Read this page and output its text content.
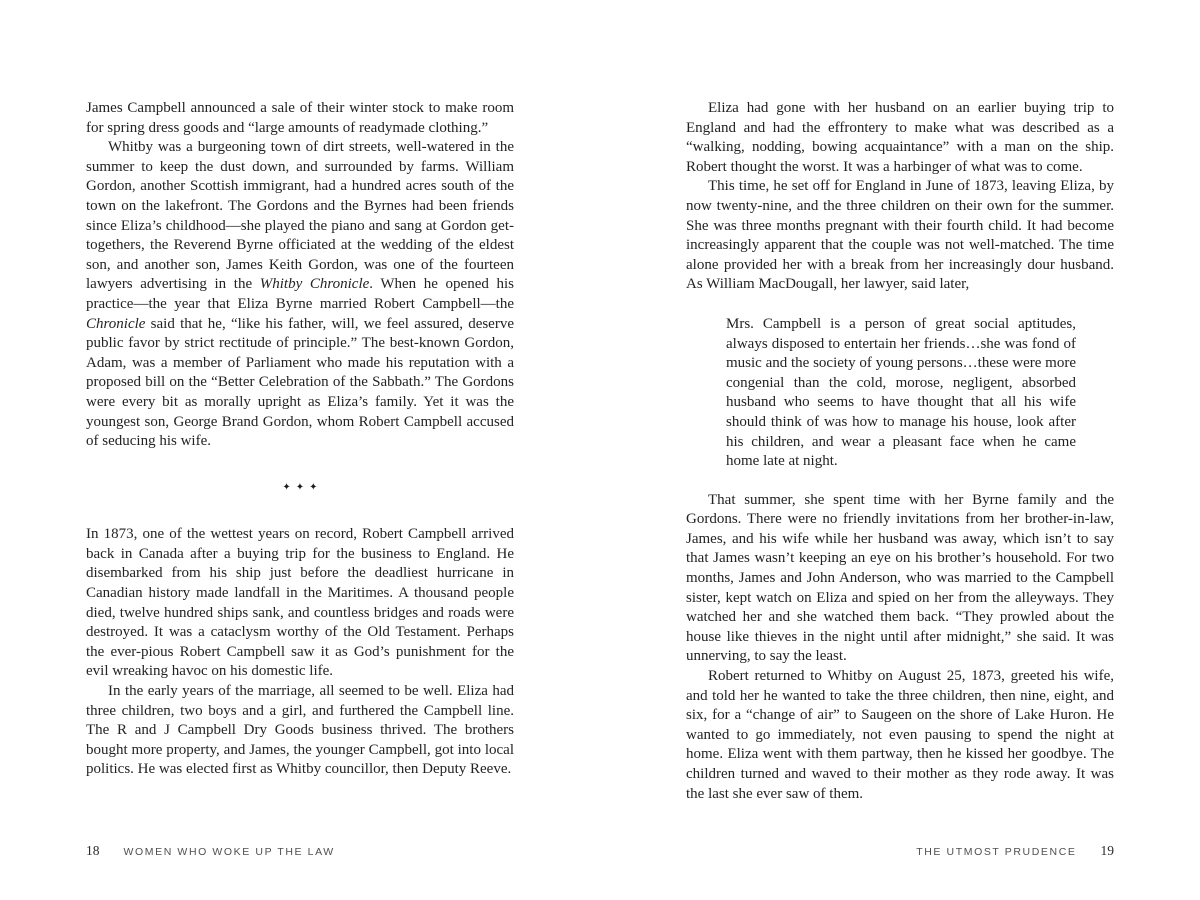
James Campbell announced a sale of their winter stock to make room for spring dress goods and “large amounts of readymade clothing.”
Whitby was a burgeoning town of dirt streets, well-watered in the summer to keep the dust down, and surrounded by farms. William Gordon, another Scottish immigrant, had a hundred acres south of the town on the lakefront. The Gordons and the Byrnes had been friends since Eliza’s childhood—she played the piano and sang at Gordon get-togethers, the Reverend Byrne officiated at the wedding of the eldest son, and another son, James Keith Gordon, was one of the fourteen lawyers advertising in the Whitby Chronicle. When he opened his practice—the year that Eliza Byrne married Robert Campbell—the Chronicle said that he, “like his father, will, we feel assured, deserve public favor by strict rectitude of principle.” The best-known Gordon, Adam, was a member of Parliament who made his reputation with a proposed bill on the “Better Celebration of the Sabbath.” The Gordons were every bit as morally upright as Eliza’s family. Yet it was the youngest son, George Brand Gordon, whom Robert Campbell accused of seducing his wife.
✦✦✦
In 1873, one of the wettest years on record, Robert Campbell arrived back in Canada after a buying trip for the business to England. He disembarked from his ship just before the deadliest hurricane in Canadian history made landfall in the Maritimes. A thousand people died, twelve hundred ships sank, and countless bridges and roads were destroyed. It was a cataclysm worthy of the Old Testament. Perhaps the ever-pious Robert Campbell saw it as God’s punishment for the evil wreaking havoc on his domestic life.
In the early years of the marriage, all seemed to be well. Eliza had three children, two boys and a girl, and furthered the Campbell line. The R and J Campbell Dry Goods business thrived. The brothers bought more property, and James, the younger Campbell, got into local politics. He was elected first as Whitby councillor, then Deputy Reeve.
18 WOMEN WHO WOKE UP THE LAW
Eliza had gone with her husband on an earlier buying trip to England and had the effrontery to make what was described as a “walking, nodding, bowing acquaintance” with a man on the ship. Robert thought the worst. It was a harbinger of what was to come.
This time, he set off for England in June of 1873, leaving Eliza, by now twenty-nine, and the three children on their own for the summer. She was three months pregnant with their fourth child. It had become increasingly apparent that the couple was not well-matched. The time alone provided her with a break from her increasingly dour husband. As William MacDougall, her lawyer, said later,
Mrs. Campbell is a person of great social aptitudes, always disposed to entertain her friends…she was fond of music and the society of young persons…these were more congenial than the cold, morose, negligent, absorbed husband who seems to have thought that all his wife should think of was how to manage his house, look after his children, and wear a pleasant face when he came home late at night.
That summer, she spent time with her Byrne family and the Gordons. There were no friendly invitations from her brother-in-law, James, and his wife while her husband was away, which isn’t to say that James wasn’t keeping an eye on his brother’s household. For two months, James and John Anderson, who was married to the Campbell sister, kept watch on Eliza and spied on her from the alleyways. They watched her and she watched them back. “They prowled about the house like thieves in the night until after midnight,” she said. It was unnerving, to say the least.
Robert returned to Whitby on August 25, 1873, greeted his wife, and told her he wanted to take the three children, then nine, eight, and six, for a “change of air” to Saugeen on the shore of Lake Huron. He wanted to go immediately, not even pausing to spend the night at home. Eliza went with them partway, then he kissed her goodbye. The children turned and waved to their mother as they rode away. It was the last she ever saw of them.
THE UTMOST PRUDENCE 19
